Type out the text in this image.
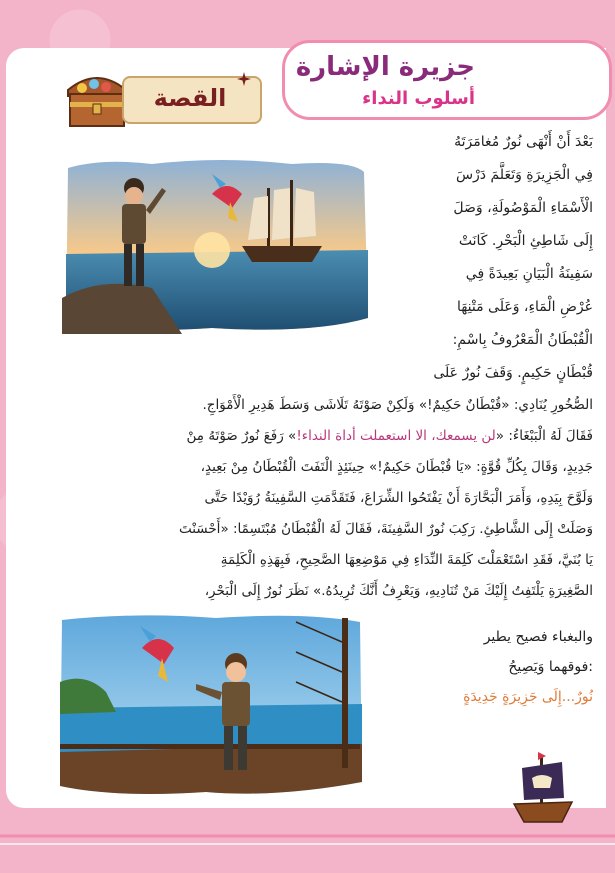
جزيرة الإشارة
أسلوب النداء
القصة

بَعْدَ أَنْ أَنْهَى نُورٌ مُغامَرَتَهُ

فِي الْجَزِيرَةِ وَتَعَلَّمَ دَرْسَ

الْأَسْمَاءِ الْمَوْصُولَةِ، وَصَلَ

إِلَى شَاطِئِ الْبَحْرِ. كَانَتْ

سَفِينَةُ الْبَيَانِ بَعِيدَةً فِي

عُرْضِ الْمَاءِ، وَعَلَى مَتْنِهَا

الْقُبْطَانُ الْمَعْرُوفُ بِاسْمِ:

قُبْطَانٍ حَكِيمٍ. وَقَفَ نُورٌ عَلَى

الصُّخُورِ يُنَادِي: «قُبْطَانٌ حَكِيمٌ!» وَلَكِنْ صَوْتَهُ تَلَاشَى وَسَطَ هَدِيرِ الْأَمْوَاجِ.

فَقَالَ لَهُ الْبَبْغَاءُ: «لن يسمعك، الا استعملت أداة النداء!» رَفَعَ نُورٌ صَوْتَهُ مِنْ

جَدِيدٍ، وَقَالَ بِكُلِّ قُوَّةٍ: «يَا قُبْطَانَ حَكِيمٌ!» حِينَئِذٍ الْتَفَتَ الْقُبْطَانُ مِنْ بَعِيدٍ،

وَلَوَّحَ بِيَدِهِ، وَأَمَرَ الْبَحَّارَةَ أَنْ يَفْتَحُوا الشِّرَاعَ، فَتَقَدَّمَتِ السَّفِينَةُ رُوَيْدًا حَتَّى

وَصَلَتْ إِلَى الشَّاطِئِ. رَكِبَ نُورٌ السَّفِينَةَ، فَقَالَ لَهُ الْقُبْطَانُ مُبْتَسِمًا: «أَحْسَنْتَ

يَا بُنَيَّ، فَقَدِ اسْتَعْمَلْتَ كَلِمَةَ النِّدَاءِ فِي مَوْضِعِهَا الصَّحِيحِ، فَبِهَذِهِ الْكَلِمَةِ

الصَّغِيرَةِ يَلْتَفِتُ إِلَيْكَ مَنْ تُنَادِيهِ، وَيَعْرِفُ أَنَّكَ تُرِيدُهُ.» نَظَرَ نُورٌ إِلَى الْبَحْرِ،

والبغباء فصيح يطير

:فوقهما وَيَصِيحُ

نُورٌ...إِلَى جَزِيرَةٍ جَدِيدَةٍ
